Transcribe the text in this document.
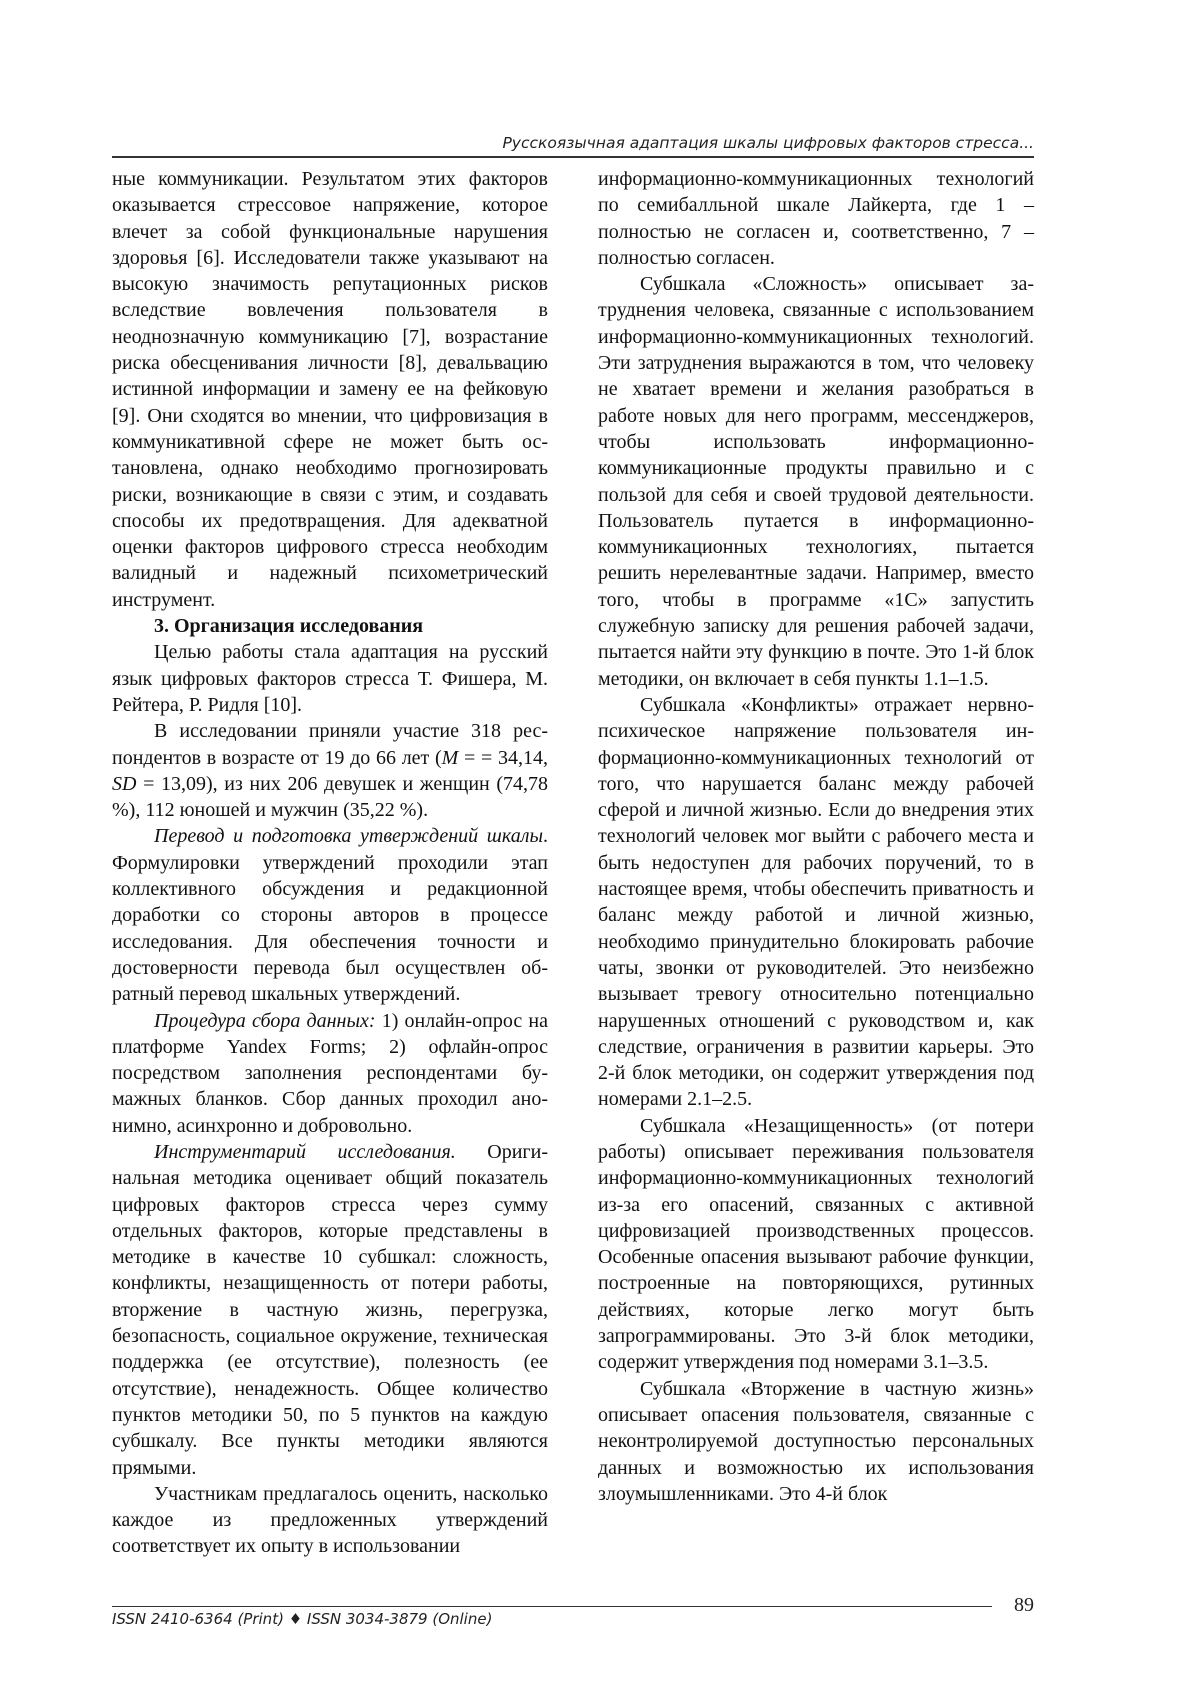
Русскоязычная адаптация шкалы цифровых факторов стресса...

ные коммуникации. Результатом этих факторов оказывается стрессовое напряжение, которое влечет за собой функциональные нарушения здоровья [6]. Исследователи также указывают на высокую значимость репутационных рисков вследствие вовлечения пользователя в неоднозначную коммуникацию [7], возрастание риска обесценивания личности [8], девальвацию истинной информации и замену ее на фейковую [9]. Они сходятся во мнении, что цифровизация в коммуникативной сфере не может быть остановлена, однако необходимо прогнозировать риски, возникающие в связи с этим, и создавать способы их предотвращения. Для адекватной оценки факторов цифрового стресса необходим валидный и надежный психометрический инструмент.

3. Организация исследования

Целью работы стала адаптация на русский язык цифровых факторов стресса Т. Фишера, М. Рейтера, Р. Ридля [10].

В исследовании приняли участие 318 респондентов в возрасте от 19 до 66 лет (M = = 34,14, SD = 13,09), из них 206 девушек и женщин (74,78 %), 112 юношей и мужчин (35,22 %).

Перевод и подготовка утверждений шкалы. Формулировки утверждений проходили этап коллективного обсуждения и редакционной доработки со стороны авторов в процессе исследования. Для обеспечения точности и достоверности перевода был осуществлен обратный перевод шкальных утверждений.

Процедура сбора данных: 1) онлайн-опрос на платформе Yandex Forms; 2) офлайн-опрос посредством заполнения респондентами бумажных бланков. Сбор данных проходил анонимно, асинхронно и добровольно.

Инструментарий исследования. Оригинальная методика оценивает общий показатель цифровых факторов стресса через сумму отдельных факторов, которые представлены в методике в качестве 10 субшкал: сложность, конфликты, незащищенность от потери работы, вторжение в частную жизнь, перегрузка, безопасность, социальное окружение, техническая поддержка (ее отсутствие), полезность (ее отсутствие), ненадежность. Общее количество пунктов методики 50, по 5 пунктов на каждую субшкалу. Все пункты методики являются прямыми.

Участникам предлагалось оценить, насколько каждое из предложенных утверждений соответствует их опыту в использовании

информационно-коммуникационных технологий по семибалльной шкале Лайкерта, где 1 – полностью не согласен и, соответственно, 7 – полностью согласен.

Субшкала «Сложность» описывает затруднения человека, связанные с использованием информационно-коммуникационных технологий. Эти затруднения выражаются в том, что человеку не хватает времени и желания разобраться в работе новых для него программ, мессенджеров, чтобы использовать информационно-коммуникационные продукты правильно и с пользой для себя и своей трудовой деятельности. Пользователь путается в информационно-коммуникационных технологиях, пытается решить нерелевантные задачи. Например, вместо того, чтобы в программе «1С» запустить служебную записку для решения рабочей задачи, пытается найти эту функцию в почте. Это 1-й блок методики, он включает в себя пункты 1.1–1.5.

Субшкала «Конфликты» отражает нервно-психическое напряжение пользователя информационно-коммуникационных технологий от того, что нарушается баланс между рабочей сферой и личной жизнью. Если до внедрения этих технологий человек мог выйти с рабочего места и быть недоступен для рабочих поручений, то в настоящее время, чтобы обеспечить приватность и баланс между работой и личной жизнью, необходимо принудительно блокировать рабочие чаты, звонки от руководителей. Это неизбежно вызывает тревогу относительно потенциально нарушенных отношений с руководством и, как следствие, ограничения в развитии карьеры. Это 2-й блок методики, он содержит утверждения под номерами 2.1–2.5.

Субшкала «Незащищенность» (от потери работы) описывает переживания пользователя информационно-коммуникационных технологий из-за его опасений, связанных с активной цифровизацией производственных процессов. Особенные опасения вызывают рабочие функции, построенные на повторяющихся, рутинных действиях, которые легко могут быть запрограммированы. Это 3-й блок методики, содержит утверждения под номерами 3.1–3.5.

Субшкала «Вторжение в частную жизнь» описывает опасения пользователя, связанные с неконтролируемой доступностью персональных данных и возможностью их использования злоумышленниками. Это 4-й блок

ISSN 2410-6364 (Print) ♦ ISSN 3034-3879 (Online)
89
